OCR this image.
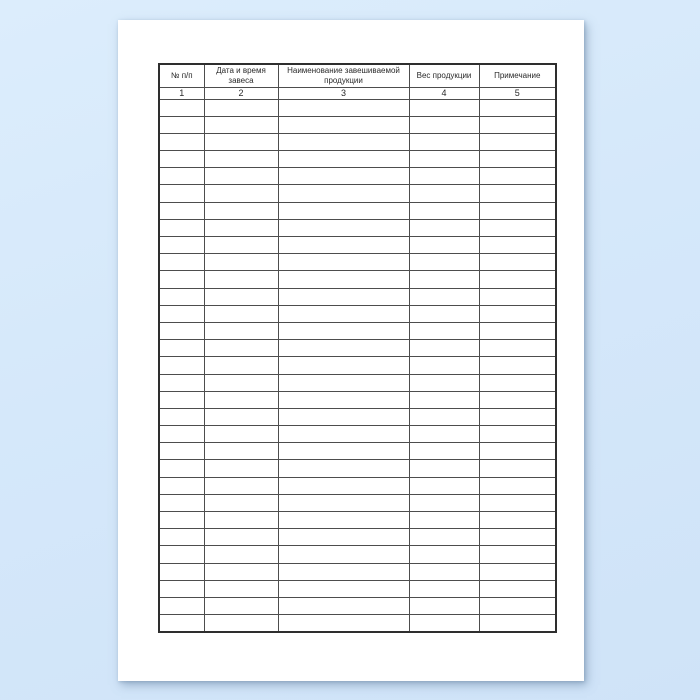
№ п/п	Дата и время завеса	Наименование завешиваемой продукции	Вес продукции	Примечание
1	2	3	4	5
